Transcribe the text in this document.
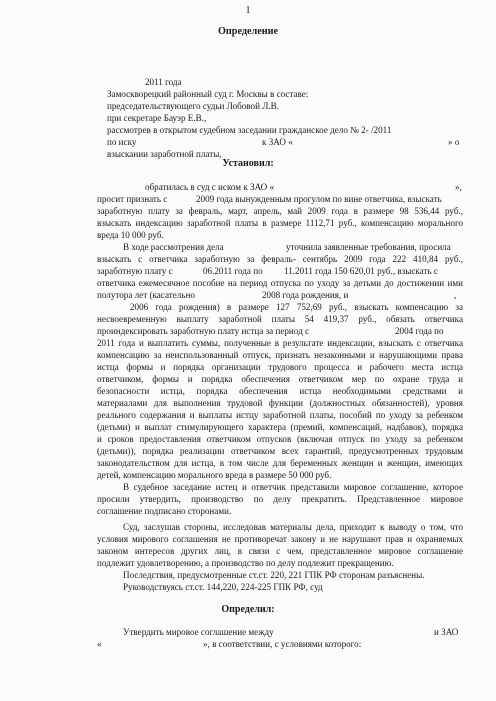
1
Определение
2011 года
Замоскворецкий районный суд г. Москвы в составе:
председательствующего судьи Лобовой Л.В.
при секретаре Бауэр Е.В.,
рассмотрев в открытом судебном заседании гражданское дело № 2- /2011
по иску	к ЗАО «	» о
взыскании заработной платы,
Установил:
обратилась в суд с иском к ЗАО «	»,
просит признать с	2009 года вынужденным прогулом по вине ответчика, взыскать
заработную плату за февраль, март, апрель, май 2009 года в размере 98 536,44 руб.,
взыскать индексацию заработной платы в размере 1112,71 руб., компенсацию морального
вреда 10 000 руб.
В ходе рассмотрения дела	уточнила заявленные требования, просила
взыскать с ответчика заработную за февраль- сентябрь 2009 года 222 410,84 руб.,
заработную плату с	06.2011 года по 11.2011 года 150 620,01 руб., взыскать с
ответчика ежемесячное пособие на период отпуска по уходу за детьми до достижении ими
полутора лет (касательно	2008 года рождения, и	,
2006 года рождения) в размере 127 752,69 руб., взыскать компенсацию за
несвоевременную выплату заработной платы 54 419,37 руб., обязать ответчика
проиндексировать заработную плату истца за период с	2004 года по
2011 года и выплатить суммы, полученные в результате индексации, взыскать с ответчика
компенсацию за неиспользованный отпуск, признать незаконными и нарушающими права
истца формы и порядка организации трудового процесса и рабочего места истца
ответчиком, формы и порядка обеспечения ответчиком мер по охране труда и
безопасности истца, порядка обеспечения истца необходимыми средствами и
материалами для выполнения трудовой функции (должностных обязанностей), уровня
реального содержания и выплаты истцу заработной платы, пособий по уходу за ребенком
(детьми) и выплат стимулирующего характера (премий, компенсаций, надбавок), порядка
и сроков предоставления ответчиком отпусков (включая отпуск по уходу за ребенком
(детьми)), порядка реализации ответчиком всех гарантий, предусмотренных трудовым
законодательством для истца, в том числе для беременных женщин и женщин, имеющих
детей, компенсацию морального вреда в размере 50 000 руб.
В судебное заседание истец и ответчик представили мировое соглашение, которое
просили утвердить, производство по делу прекратить. Представленное мировое
соглашение подписано сторонами.
Суд, заслушав стороны, исследовав материалы дела, приходит к выводу о том, что
условия мирового соглашения не противоречат закону и не нарушают прав и охраняемых
законом интересов других лиц, в связи с чем, представленное мировое соглашение
подлежит удовлетворению, а производство по делу подлежит прекращению.
Последствия, предусмотренные ст.ст. 220, 221 ГПК РФ сторонам разъяснены.
Руководствуясь ст.ст. 144,220, 224-225 ГПК РФ, суд
Определил:
Утвердить мировое соглашение между	и ЗАО
«	», в соответствии, с условиями которого:
